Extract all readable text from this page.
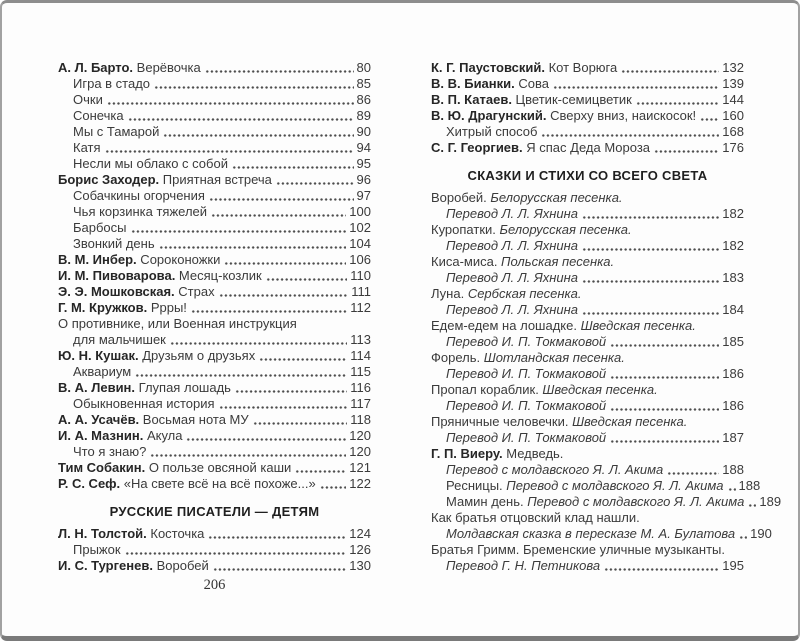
А. Л. Барто. Верёвочка	80
Игра в стадо	85
Очки	86
Сонечка	89
Мы с Тамарой	90
Катя	94
Несли мы облако с собой	95
Борис Заходер. Приятная встреча	96
Собачкины огорчения	97
Чья корзинка тяжелей	100
Барбосы	102
Звонкий день	104
В. М. Инбер. Сороконожки	106
И. М. Пивоварова. Месяц-козлик	110
Э. Э. Мошковская. Страх	111
Г. М. Кружков. Ррры!	112
О противнике, или Военная инструкция
для мальчишек	113
Ю. Н. Кушак. Друзьям о друзьях	114
Аквариум	115
В. А. Левин. Глупая лошадь	116
Обыкновенная история	117
А. А. Усачёв. Восьмая нота МУ	118
И. А. Мазнин. Акула	120
Что я знаю?	120
Тим Собакин. О пользе овсяной каши	121
Р. С. Сеф. «На свете всё на всё похоже...»	122
РУССКИЕ ПИСАТЕЛИ — ДЕТЯМ
Л. Н. Толстой. Косточка	124
Прыжок	126
И. С. Тургенев. Воробей	130
К. Г. Паустовский. Кот Ворюга	132
В. В. Бианки. Сова	139
В. П. Катаев. Цветик-семицветик	144
В. Ю. Драгунский. Сверху вниз, наискосок! 160
Хитрый способ	168
С. Г. Георгиев. Я спас Деда Мороза	176
СКАЗКИ И СТИХИ СО ВСЕГО СВЕТА
Воробей. Белорусская песенка.
Перевод Л. Л. Яхнина	182
Куропатки. Белорусская песенка.
Перевод Л. Л. Яхнина	182
Киса-миса. Польская песенка.
Перевод Л. Л. Яхнина	183
Луна. Сербская песенка.
Перевод Л. Л. Яхнина	184
Едем-едем на лошадке. Шведская песенка.
Перевод И. П. Токмаковой	185
Форель. Шотландская песенка.
Перевод И. П. Токмаковой	186
Пропал кораблик. Шведская песенка.
Перевод И. П. Токмаковой	186
Пряничные человечки. Шведская песенка.
Перевод И. П. Токмаковой	187
Г. П. Виеру. Медведь.
Перевод с молдавского Я. Л. Акима	188
Ресницы. Перевод с молдавского Я. Л. Акима 188
Мамин день. Перевод с молдавского Я. Л. Акима 189
Как братья отцовский клад нашли.
Молдавская сказка в пересказе М. А. Булатова 190
Братья Гримм. Бременские уличные музыканты.
Перевод Г. Н. Петникова	195
206
